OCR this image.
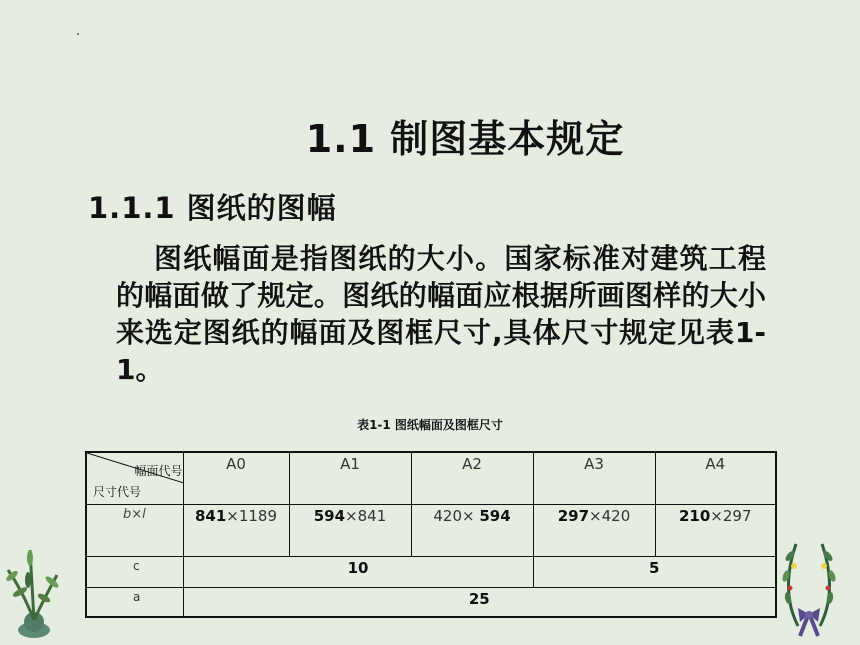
1.1 制图基本规定
1.1.1 图纸的图幅
图纸幅面是指图纸的大小。国家标准对建筑工程的幅面做了规定。图纸的幅面应根据所画图样的大小来选定图纸的幅面及图框尺寸,具体尺寸规定见表1-1。
表1-1 图纸幅面及图框尺寸
幅面代号
尺寸代号	A0	A1	A2	A3	A4
b×l	841×1189	594×841	420× 594	297×420	210×297
c	10			5	
a	25				
